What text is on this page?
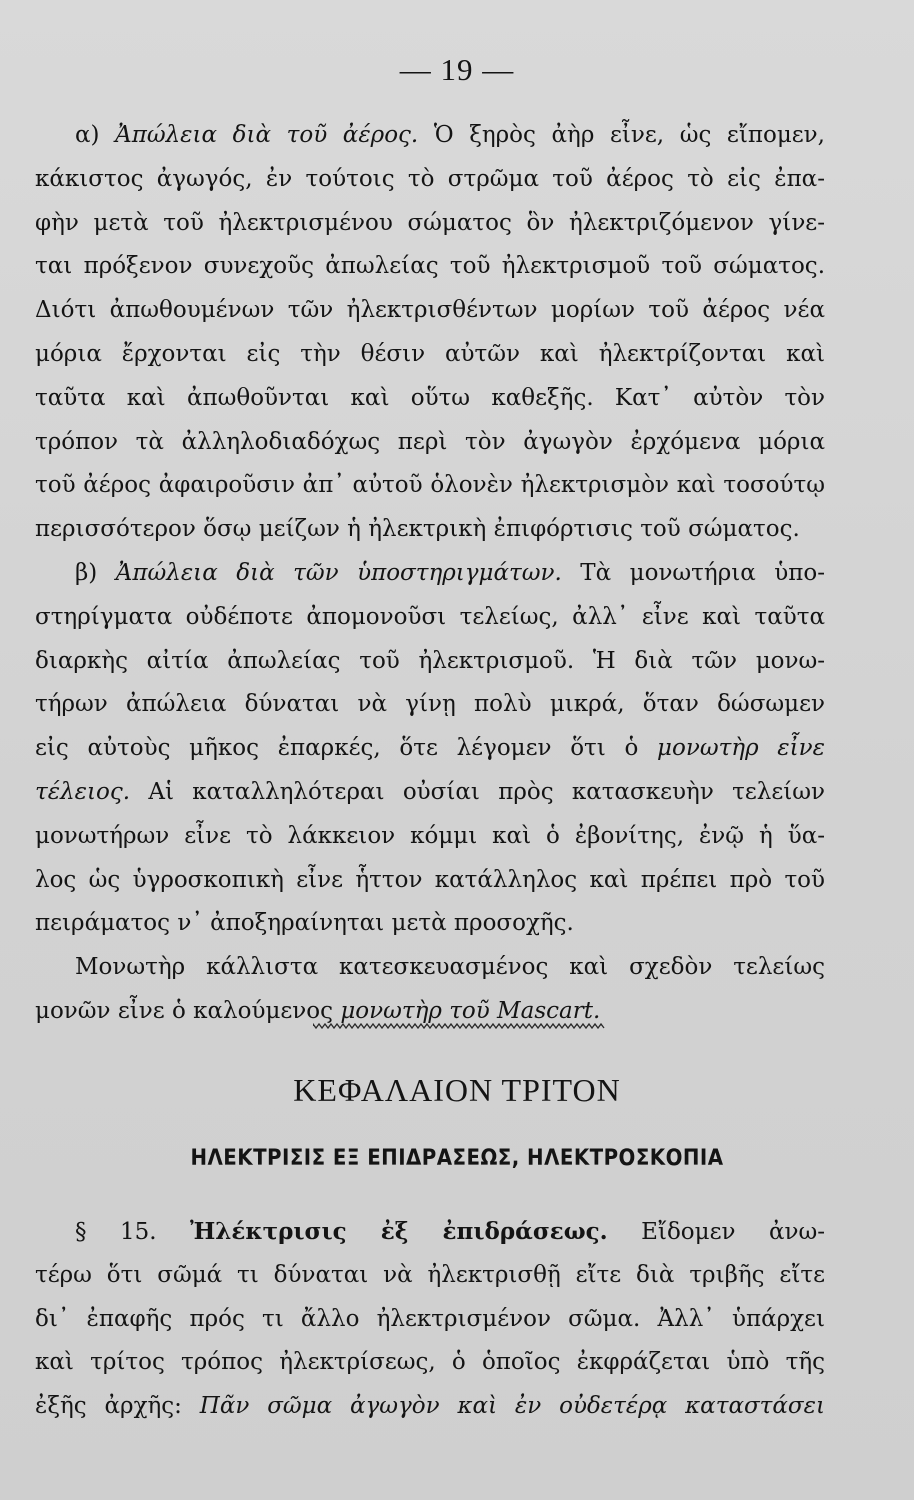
— 19 —
α) Ἀπώλεια διὰ τοῦ ἀέρος. Ὁ ξηρὸς ἀὴρ εἶνε, ὡς εἴπομεν,
κάκιστος ἀγωγός, ἐν τούτοις τὸ στρῶμα τοῦ ἀέρος τὸ εἰς ἐπα-
φὴν μετὰ τοῦ ἠλεκτρισμένου σώματος ὃν ἠλεκτριζόμενον γίνε-
ται πρόξενον συνεχοῦς ἀπωλείας τοῦ ἠλεκτρισμοῦ τοῦ σώματος.
Διότι ἀπωθουμένων τῶν ἠλεκτρισθέντων μορίων τοῦ ἀέρος νέα
μόρια ἔρχονται εἰς τὴν θέσιν αὐτῶν καὶ ἠλεκτρίζονται καὶ
ταῦτα καὶ ἀπωθοῦνται καὶ οὕτω καθεξῆς. Κατ᾽ αὐτὸν τὸν
τρόπον τὰ ἀλληλοδιαδόχως περὶ τὸν ἀγωγὸν ἐρχόμενα μόρια
τοῦ ἀέρος ἀφαιροῦσιν ἀπ᾽ αὐτοῦ ὁλονὲν ἠλεκτρισμὸν καὶ τοσούτῳ
περισσότερον ὅσῳ μείζων ἡ ἠλεκτρικὴ ἐπιφόρτισις τοῦ σώματος.
β) Ἀπώλεια διὰ τῶν ὑποστηριγμάτων. Τὰ μονωτήρια ὑπο-
στηρίγματα οὐδέποτε ἀπομονοῦσι τελείως, ἀλλ᾽ εἶνε καὶ ταῦτα
διαρκὴς αἰτία ἀπωλείας τοῦ ἠλεκτρισμοῦ. Ἡ διὰ τῶν μονω-
τήρων ἀπώλεια δύναται νὰ γίνῃ πολὺ μικρά, ὅταν δώσωμεν
εἰς αὐτοὺς μῆκος ἐπαρκές, ὅτε λέγομεν ὅτι ὁ μονωτὴρ εἶνε
τέλειος. Αἱ καταλληλότεραι οὐσίαι πρὸς κατασκευὴν τελείων
μονωτήρων εἶνε τὸ λάκκειον κόμμι καὶ ὁ ἐβονίτης, ἐνῷ ἡ ὕα-
λος ὡς ὑγροσκοπικὴ εἶνε ἧττον κατάλληλος καὶ πρέπει πρὸ τοῦ
πειράματος ν᾽ ἀποξηραίνηται μετὰ προσοχῆς.
Μονωτὴρ κάλλιστα κατεσκευασμένος καὶ σχεδὸν τελείως
μονῶν εἶνε ὁ καλούμενος μονωτὴρ τοῦ Mascart.
ΚΕΦΑΛΑΙΟΝ ΤΡΙΤΟΝ
ΗΛΕΚΤΡΙΣΙΣ ΕΞ ΕΠΙΔΡΑΣΕΩΣ, ΗΛΕΚΤΡΟΣΚΟΠΙΑ
§ 15. Ἠλέκτρισις ἐξ ἐπιδράσεως. Εἴδομεν ἀνω-
τέρω ὅτι σῶμά τι δύναται νὰ ἠλεκτρισθῇ εἴτε διὰ τριβῆς εἴτε
δι᾽ ἐπαφῆς πρός τι ἄλλο ἠλεκτρισμένον σῶμα. Ἀλλ᾽ ὑπάρχει
καὶ τρίτος τρόπος ἠλεκτρίσεως, ὁ ὁποῖος ἐκφράζεται ὑπὸ τῆς
ἐξῆς ἀρχῆς: Πᾶν σῶμα ἀγωγὸν καὶ ἐν οὐδετέρᾳ καταστάσει
